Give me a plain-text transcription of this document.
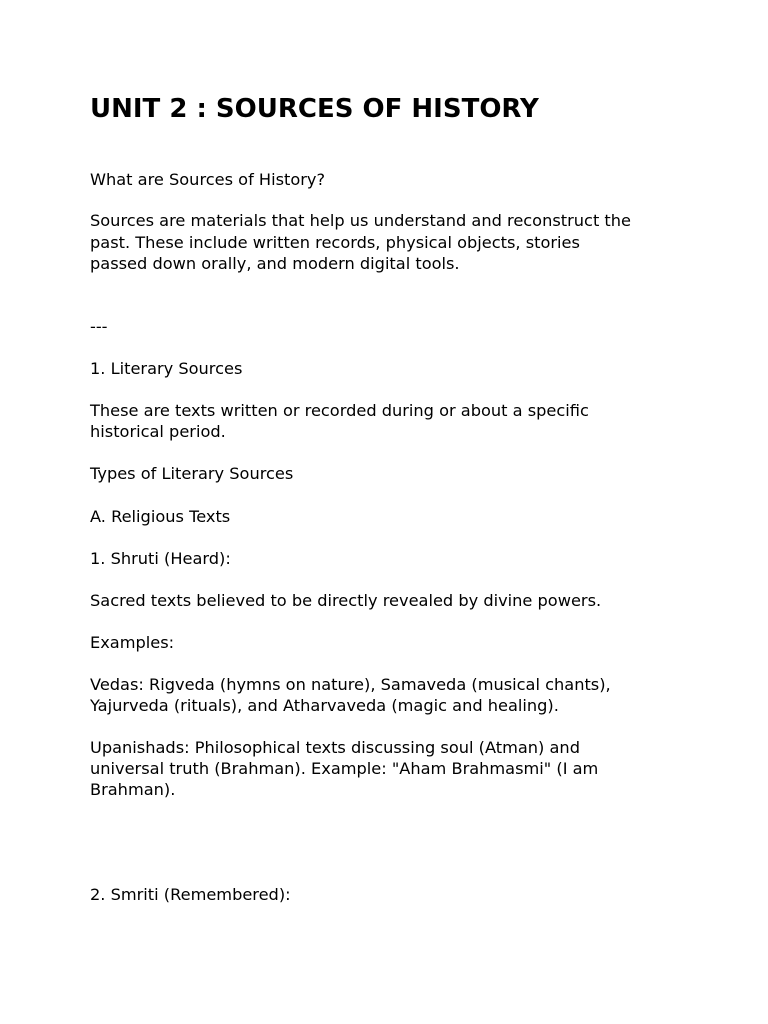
UNIT 2 : SOURCES OF HISTORY

What are Sources of History?

Sources are materials that help us understand and reconstruct the

past. These include written records, physical objects, stories

passed down orally, and modern digital tools.

---

1. Literary Sources

These are texts written or recorded during or about a specific

historical period.

Types of Literary Sources

A. Religious Texts

1. Shruti (Heard):

Sacred texts believed to be directly revealed by divine powers.

Examples:

Vedas: Rigveda (hymns on nature), Samaveda (musical chants),

Yajurveda (rituals), and Atharvaveda (magic and healing).

Upanishads: Philosophical texts discussing soul (Atman) and

universal truth (Brahman). Example: "Aham Brahmasmi" (I am

Brahman).

2. Smriti (Remembered):
